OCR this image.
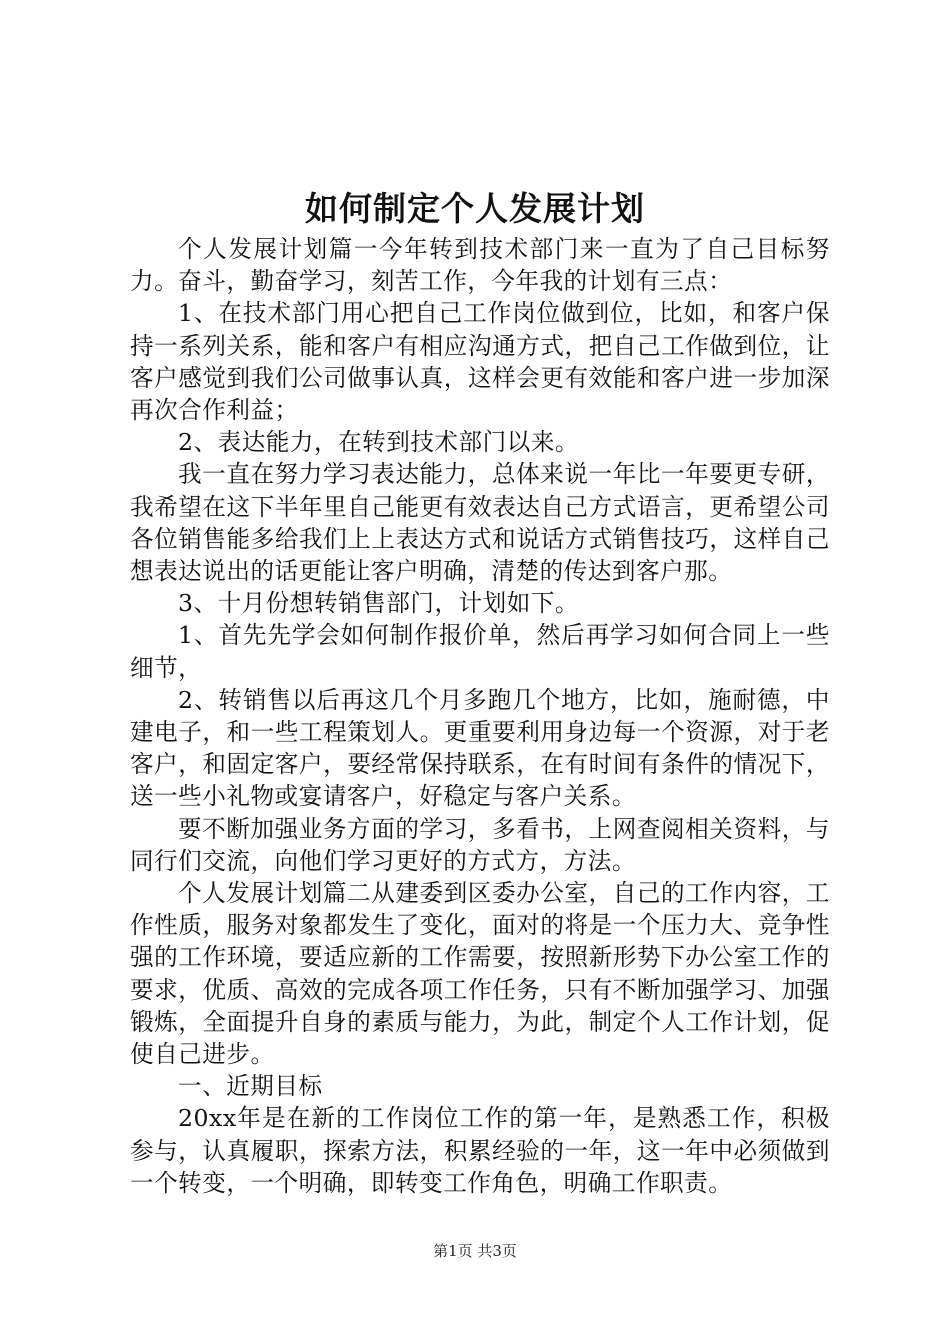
如何制定个人发展计划

个人发展计划篇一今年转到技术部门来一直为了自己目标努力。奋斗，勤奋学习，刻苦工作，今年我的计划有三点：

1、在技术部门用心把自己工作岗位做到位，比如，和客户保持一系列关系，能和客户有相应沟通方式，把自己工作做到位，让客户感觉到我们公司做事认真，这样会更有效能和客户进一步加深再次合作利益；

2、表达能力，在转到技术部门以来。

我一直在努力学习表达能力，总体来说一年比一年要更专研，我希望在这下半年里自己能更有效表达自己方式语言，更希望公司各位销售能多给我们上上表达方式和说话方式销售技巧，这样自己想表达说出的话更能让客户明确，清楚的传达到客户那。

3、十月份想转销售部门，计划如下。

1、首先先学会如何制作报价单，然后再学习如何合同上一些细节，

2、转销售以后再这几个月多跑几个地方，比如，施耐德，中建电子，和一些工程策划人。更重要利用身边每一个资源，对于老客户，和固定客户，要经常保持联系，在有时间有条件的情况下，送一些小礼物或宴请客户，好稳定与客户关系。

要不断加强业务方面的学习，多看书，上网查阅相关资料，与同行们交流，向他们学习更好的方式方，方法。

个人发展计划篇二从建委到区委办公室，自己的工作内容，工作性质，服务对象都发生了变化，面对的将是一个压力大、竞争性强的工作环境，要适应新的工作需要，按照新形势下办公室工作的要求，优质、高效的完成各项工作任务，只有不断加强学习、加强锻炼，全面提升自身的素质与能力，为此，制定个人工作计划，促使自己进步。

一、近期目标

20xx年是在新的工作岗位工作的第一年，是熟悉工作，积极参与，认真履职，探索方法，积累经验的一年，这一年中必须做到一个转变，一个明确，即转变工作角色，明确工作职责。

第1页 共3页
